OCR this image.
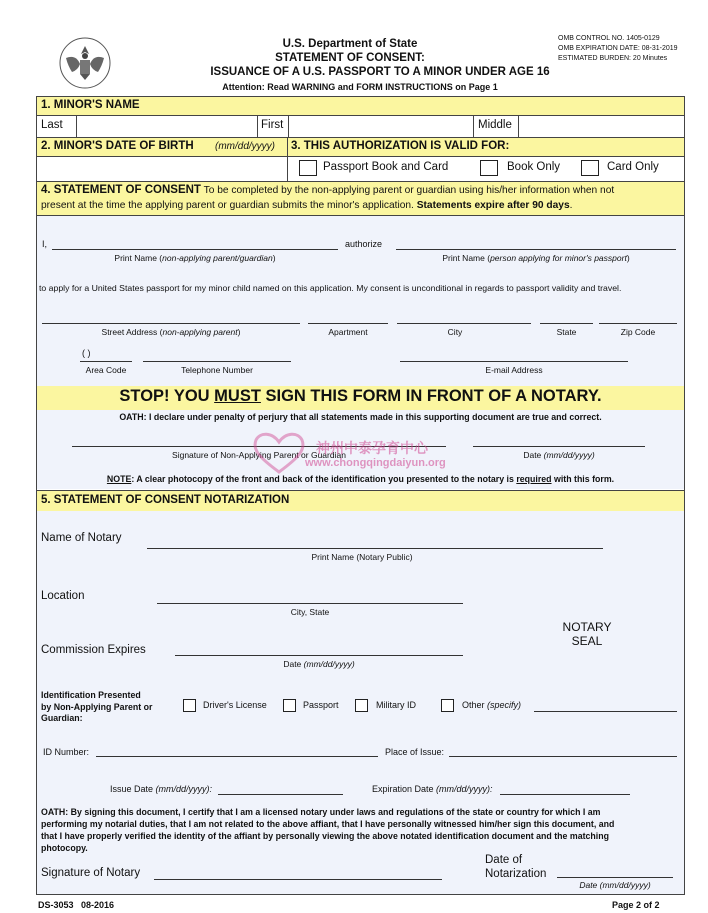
U.S. Department of State
STATEMENT OF CONSENT:
ISSUANCE OF A U.S. PASSPORT TO A MINOR UNDER AGE 16
Attention: Read WARNING and FORM INSTRUCTIONS on Page 1
OMB CONTROL NO. 1405-0129
OMB EXPIRATION DATE: 08-31-2019
ESTIMATED BURDEN: 20 Minutes
1. MINOR'S NAME
Last	First	Middle
2. MINOR'S DATE OF BIRTH (mm/dd/yyyy) 3. THIS AUTHORIZATION IS VALID FOR:
Passport Book and Card	Book Only	Card Only
4. STATEMENT OF CONSENT To be completed by the non-applying parent or guardian using his/her information when not
present at the time the applying parent or guardian submits the minor's application. Statements expire after 90 days.
I,	authorize
Print Name (non-applying parent/guardian)	Print Name (person applying for minor's passport)
to apply for a United States passport for my minor child named on this application. My consent is unconditional in regards to passport validity and travel.
Street Address (non-applying parent)	Apartment	City	State	Zip Code
( )
Area Code	Telephone Number	E-mail Address
STOP! YOU MUST SIGN THIS FORM IN FRONT OF A NOTARY.
OATH: I declare under penalty of perjury that all statements made in this supporting document are true and correct.
Signature of Non-Applying Parent or Guardian	Date (mm/dd/yyyy)
NOTE: A clear photocopy of the front and back of the identification you presented to the notary is required with this form.
神州中泰孕育中心
www.chongqingdaiyun.org
5. STATEMENT OF CONSENT NOTARIZATION
Name of Notary
Print Name (Notary Public)
Location
City, State
NOTARY
SEAL
Commission Expires
Date (mm/dd/yyyy)
Identification Presented
by Non-Applying Parent or
Guardian:
Driver's License	Passport	Military ID	Other (specify)
ID Number:	Place of Issue:
Issue Date (mm/dd/yyyy):	Expiration Date (mm/dd/yyyy):
OATH: By signing this document, I certify that I am a licensed notary under laws and regulations of the state or country for which I am
performing my notarial duties, that I am not related to the above affiant, that I have personally witnessed him/her sign this document, and
that I have properly verified the identity of the affiant by personally viewing the above notated identification document and the matching
photocopy.
Signature of Notary
Date of
Notarization
Date (mm/dd/yyyy)
DS-3053   08-2016	Page 2 of 2
